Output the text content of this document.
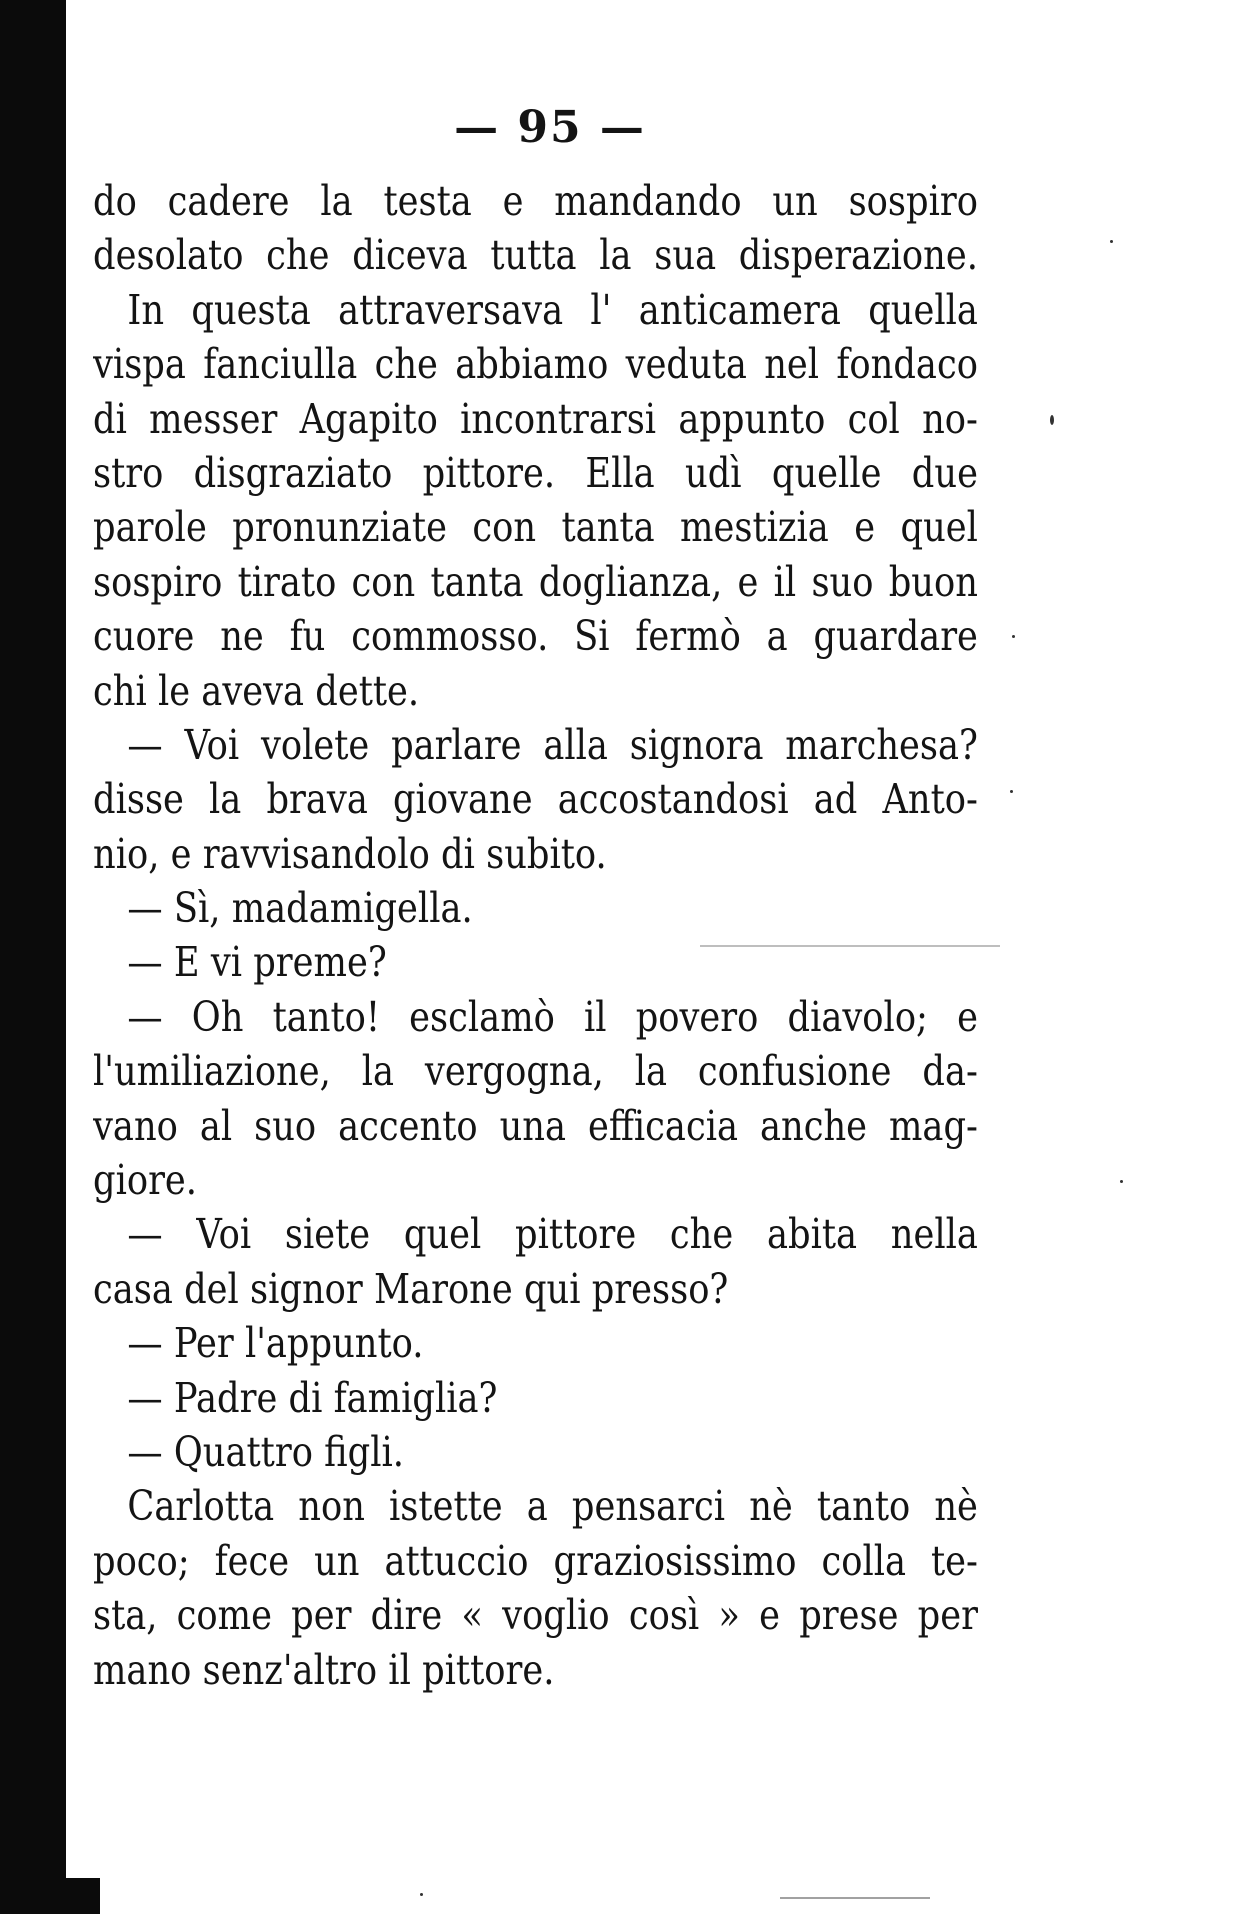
— 95 —
do cadere la testa e mandando un sospiro
desolato che diceva tutta la sua disperazione.
In questa attraversava l' anticamera quella
vispa fanciulla che abbiamo veduta nel fondaco
di messer Agapito incontrarsi appunto col no-
stro disgraziato pittore. Ella udì quelle due
parole pronunziate con tanta mestizia e quel
sospiro tirato con tanta doglianza, e il suo buon
cuore ne fu commosso. Si fermò a guardare
chi le aveva dette.
— Voi volete parlare alla signora marchesa?
disse la brava giovane accostandosi ad Anto-
nio, e ravvisandolo di subito.
— Sì, madamigella.
— E vi preme?
— Oh tanto! esclamò il povero diavolo; e
l'umiliazione, la vergogna, la confusione da-
vano al suo accento una efficacia anche mag-
giore.
— Voi siete quel pittore che abita nella
casa del signor Marone qui presso?
— Per l'appunto.
— Padre di famiglia?
— Quattro figli.
Carlotta non istette a pensarci nè tanto nè
poco; fece un attuccio graziosissimo colla te-
sta, come per dire « voglio così » e prese per
mano senz'altro il pittore.
